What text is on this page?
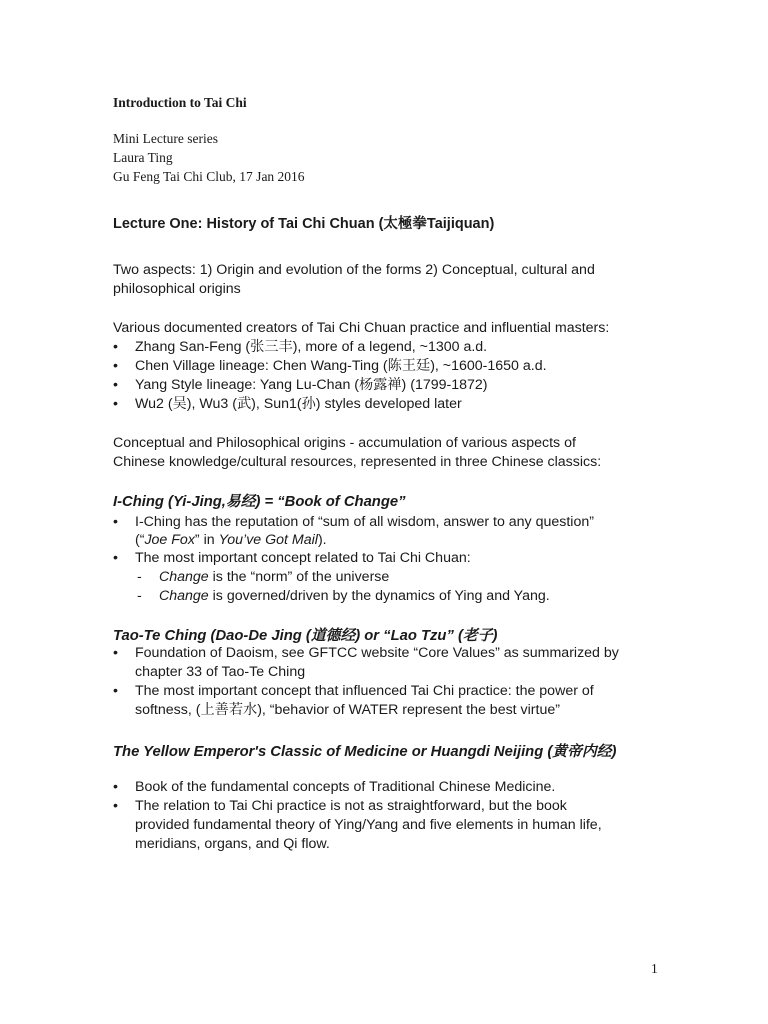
Introduction to Tai Chi
Mini Lecture series
Laura Ting
Gu Feng Tai Chi Club, 17 Jan 2016
Lecture One: History of Tai Chi Chuan (太極拳Taijiquan)
Two aspects: 1) Origin and evolution of the forms 2) Conceptual, cultural and
philosophical origins
Various documented creators of Tai Chi Chuan practice and influential masters:
•	Zhang San-Feng (张三丰), more of a legend, ~1300 a.d.
•	Chen Village lineage: Chen Wang-Ting (陈王廷), ~1600-1650 a.d.
•	Yang Style lineage: Yang Lu-Chan (杨露禅) (1799-1872)
•	Wu2 (吴), Wu3 (武), Sun1(孙) styles developed later
Conceptual and Philosophical origins - accumulation of various aspects of
Chinese knowledge/cultural resources, represented in three Chinese classics:
I-Ching (Yi-Jing,易经) = “Book of Change”
•	I-Ching has the reputation of “sum of all wisdom, answer to any question”
(“Joe Fox” in You’ve Got Mail).
•	The most important concept related to Tai Chi Chuan:
- Change is the “norm” of the universe
- Change is governed/driven by the dynamics of Ying and Yang.
Tao-Te Ching (Dao-De Jing (道德经) or “Lao Tzu” (老子)
•	Foundation of Daoism, see GFTCC website “Core Values” as summarized by
chapter 33 of Tao-Te Ching
•	The most important concept that influenced Tai Chi practice: the power of
softness, (上善若水), “behavior of WATER represent the best virtue”
The Yellow Emperor's Classic of Medicine or Huangdi Neijing (黄帝内经)
•	Book of the fundamental concepts of Traditional Chinese Medicine.
•	The relation to Tai Chi practice is not as straightforward, but the book
provided fundamental theory of Ying/Yang and five elements in human life,
meridians, organs, and Qi flow.
1
